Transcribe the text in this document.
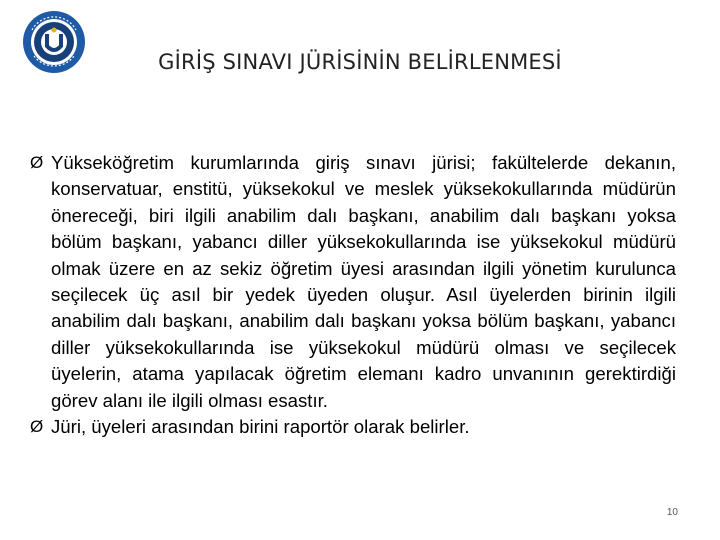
GİRİŞ SINAVI JÜRİSİNİN BELİRLENMESİ
Ø Yükseköğretim kurumlarında giriş sınavı jürisi; fakültelerde dekanın, konservatuar, enstitü, yüksekokul ve meslek yüksekokullarında müdürün önereceği, biri ilgili anabilim dalı başkanı, anabilim dalı başkanı yoksa bölüm başkanı, yabancı diller yüksekokullarında ise yüksekokul müdürü olmak üzere en az sekiz öğretim üyesi arasından ilgili yönetim kurulunca seçilecek üç asıl bir yedek üyeden oluşur. Asıl üyelerden birinin ilgili anabilim dalı başkanı, anabilim dalı başkanı yoksa bölüm başkanı, yabancı diller yüksekokullarında ise yüksekokul müdürü olması ve seçilecek üyelerin, atama yapılacak öğretim elemanı kadro unvanının gerektirdiği görev alanı ile ilgili olması esastır.
Ø Jüri, üyeleri arasından birini raportör olarak belirler.
10
